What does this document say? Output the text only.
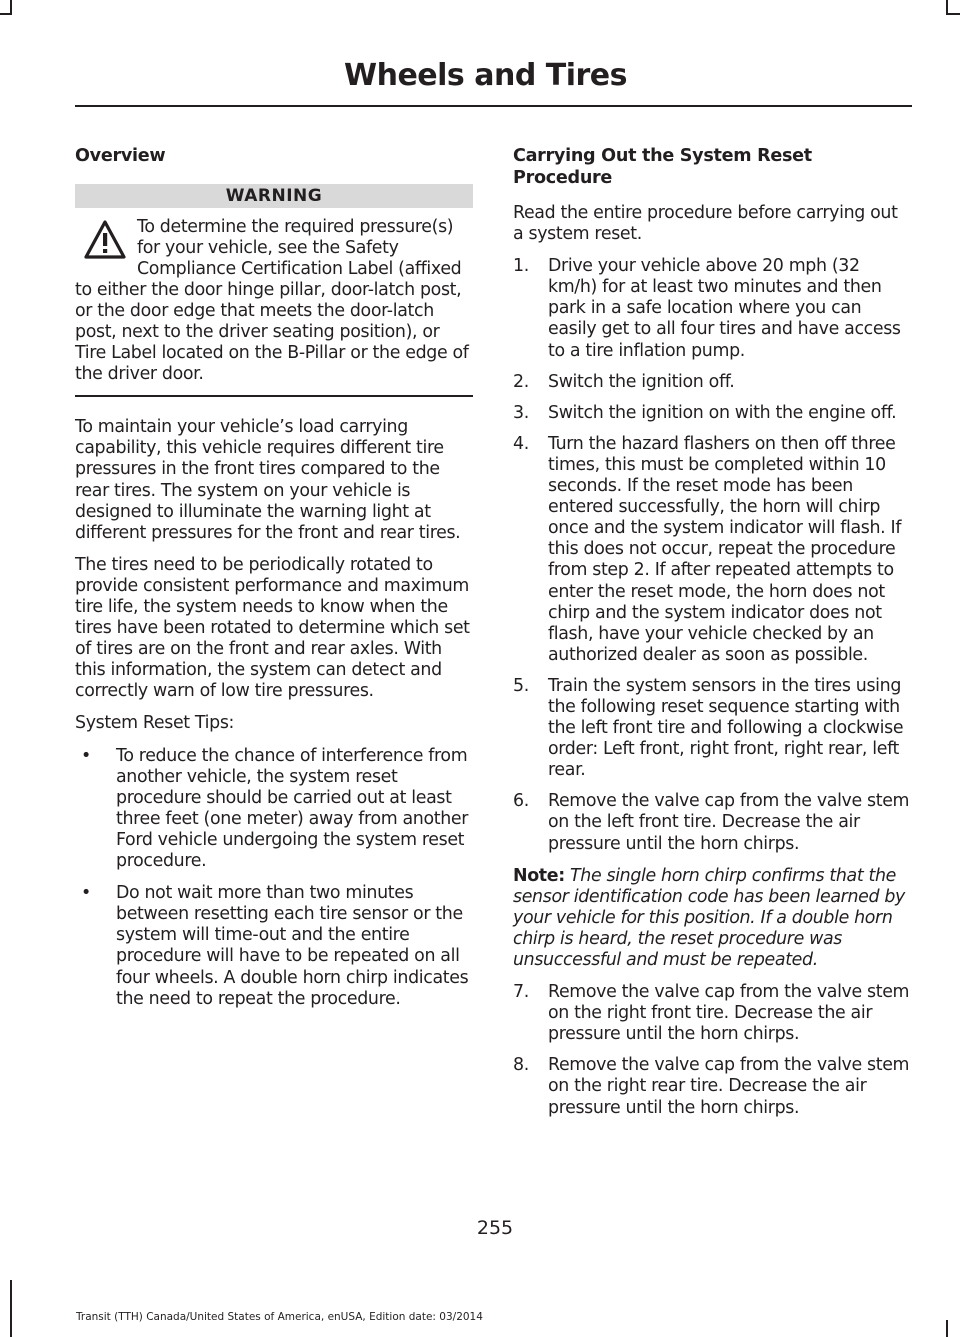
Wheels and Tires
Overview
WARNING
To determine the required pressure(s) for your vehicle, see the Safety Compliance Certification Label (affixed to either the door hinge pillar, door-latch post, or the door edge that meets the door-latch post, next to the driver seating position), or Tire Label located on the B-Pillar or the edge of the driver door.

To maintain your vehicle’s load carrying capability, this vehicle requires different tire pressures in the front tires compared to the rear tires. The system on your vehicle is designed to illuminate the warning light at different pressures for the front and rear tires.

The tires need to be periodically rotated to provide consistent performance and maximum tire life, the system needs to know when the tires have been rotated to determine which set of tires are on the front and rear axles. With this information, the system can detect and correctly warn of low tire pressures.

System Reset Tips:

• To reduce the chance of interference from another vehicle, the system reset procedure should be carried out at least three feet (one meter) away from another Ford vehicle undergoing the system reset procedure.
• Do not wait more than two minutes between resetting each tire sensor or the system will time-out and the entire procedure will have to be repeated on all four wheels. A double horn chirp indicates the need to repeat the procedure.
Carrying Out the System Reset Procedure

Read the entire procedure before carrying out a system reset.

1. Drive your vehicle above 20 mph (32 km/h) for at least two minutes and then park in a safe location where you can easily get to all four tires and have access to a tire inflation pump.
2. Switch the ignition off.
3. Switch the ignition on with the engine off.
4. Turn the hazard flashers on then off three times, this must be completed within 10 seconds. If the reset mode has been entered successfully, the horn will chirp once and the system indicator will flash. If this does not occur, repeat the procedure from step 2. If after repeated attempts to enter the reset mode, the horn does not chirp and the system indicator does not flash, have your vehicle checked by an authorized dealer as soon as possible.
5. Train the system sensors in the tires using the following reset sequence starting with the left front tire and following a clockwise order: Left front, right front, right rear, left rear.
6. Remove the valve cap from the valve stem on the left front tire. Decrease the air pressure until the horn chirps.

Note: The single horn chirp confirms that the sensor identification code has been learned by your vehicle for this position. If a double horn chirp is heard, the reset procedure was unsuccessful and must be repeated.

7. Remove the valve cap from the valve stem on the right front tire. Decrease the air pressure until the horn chirps.
8. Remove the valve cap from the valve stem on the right rear tire. Decrease the air pressure until the horn chirps.
255
Transit (TTH) Canada/United States of America, enUSA, Edition date: 03/2014
